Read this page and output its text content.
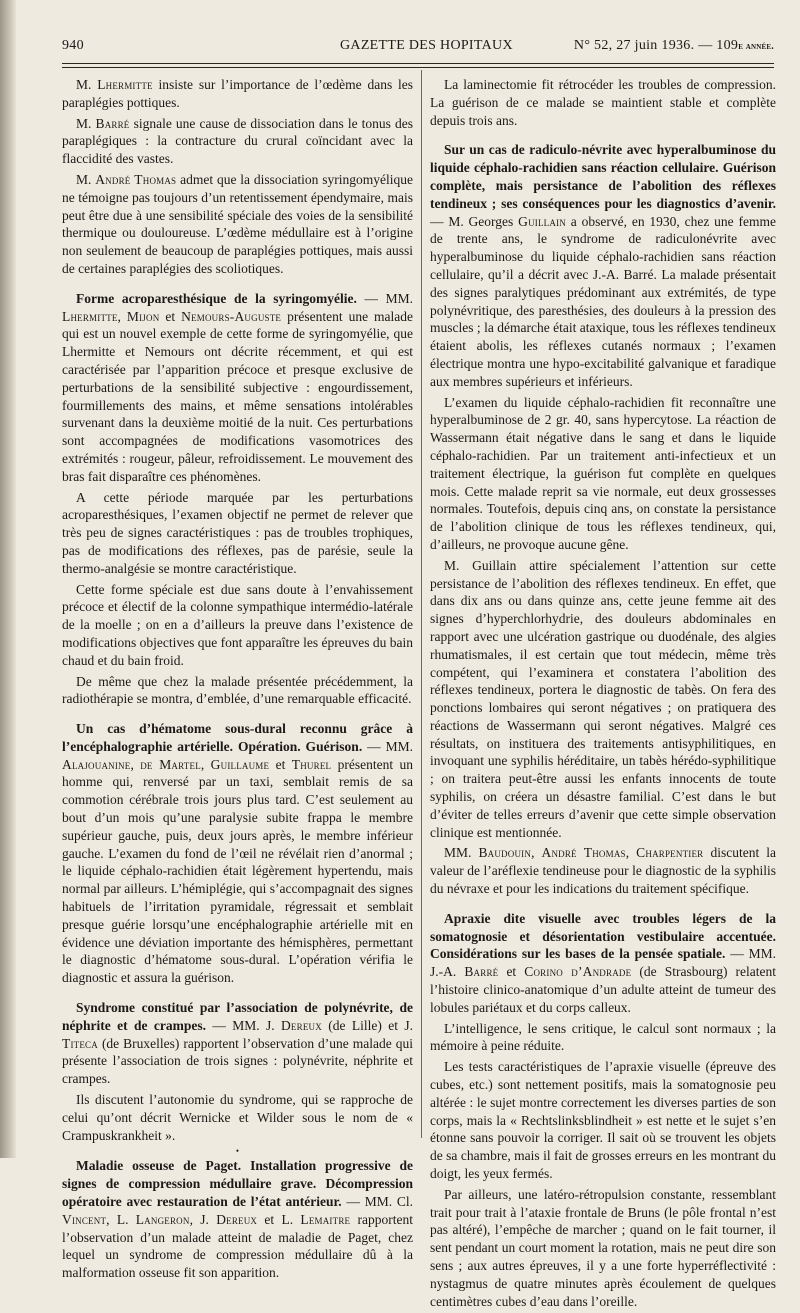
940	GAZETTE DES HOPITAUX	N° 52, 27 juin 1936. — 109e année.

M. Lhermitte insiste sur l’importance de l’œdème dans les paraplégies pottiques.

M. Barré signale une cause de dissociation dans le tonus des paraplégiques : la contracture du crural coïncidant avec la flaccidité des vastes.

M. André Thomas admet que la dissociation syringomyélique ne témoigne pas toujours d’un retentissement épendymaire, mais peut être due à une sensibilité spéciale des voies de la sensibilité thermique ou douloureuse. L’œdème médullaire est à l’origine non seulement de beaucoup de paraplégies pottiques, mais aussi de certaines paraplégies des scoliotiques.

Forme acroparesthésique de la syringomyélie. — MM. Lhermitte, Mijon et Nemours-Auguste présentent une malade qui est un nouvel exemple de cette forme de syringomyélie, que Lhermitte et Nemours ont décrite récemment, et qui est caractérisée par l’apparition précoce et presque exclusive de perturbations de la sensibilité subjective : engourdissement, fourmillements des mains, et même sensations intolérables survenant dans la deuxième moitié de la nuit. Ces perturbations sont accompagnées de modifications vasomotrices des extrémités : rougeur, pâleur, refroidissement. Le mouvement des bras fait disparaître ces phénomènes.

A cette période marquée par les perturbations acroparesthésiques, l’examen objectif ne permet de relever que très peu de signes caractéristiques : pas de troubles trophiques, pas de modifications des réflexes, pas de parésie, seule la thermo-analgésie se montre caractéristique.

Cette forme spéciale est due sans doute à l’envahissement précoce et électif de la colonne sympathique intermédio-latérale de la moelle ; on en a d’ailleurs la preuve dans l’existence de modifications objectives que font apparaître les épreuves du bain chaud et du bain froid.

De même que chez la malade présentée précédemment, la radiothérapie se montra, d’emblée, d’une remarquable efficacité.

Un cas d’hématome sous-dural reconnu grâce à l’encéphalographie artérielle. Opération. Guérison. — MM. Alajouanine, de Martel, Guillaume et Thurel présentent un homme qui, renversé par un taxi, semblait remis de sa commotion cérébrale trois jours plus tard. C’est seulement au bout d’un mois qu’une paralysie subite frappa le membre supérieur gauche, puis, deux jours après, le membre inférieur gauche. L’examen du fond de l’œil ne révélait rien d’anormal ; le liquide céphalo-rachidien était légèrement hypertendu, mais normal par ailleurs. L’hémiplégie, qui s’accompagnait des signes habituels de l’irritation pyramidale, régressait et semblait presque guérie lorsqu’une encéphalographie artérielle mit en évidence une déviation importante des hémisphères, permettant le diagnostic d’hématome sous-dural. L’opération vérifia le diagnostic et assura la guérison.

Syndrome constitué par l’association de polynévrite, de néphrite et de crampes. — MM. J. Dereux (de Lille) et J. Titeca (de Bruxelles) rapportent l’observation d’une malade qui présente l’association de trois signes : polynévrite, néphrite et crampes.

Ils discutent l’autonomie du syndrome, qui se rapproche de celui qu’ont décrit Wernicke et Wilder sous le nom de « Crampuskrankheit ».

•

Maladie osseuse de Paget. Installation progressive de signes de compression médullaire grave. Décompression opératoire avec restauration de l’état antérieur. — MM. Cl. Vincent, L. Langeron, J. Dereux et L. Lemaitre rapportent l’observation d’un malade atteint de maladie de Paget, chez lequel un syndrome de compression médullaire dû à la malformation osseuse fit son apparition.

La laminectomie fit rétrocéder les troubles de compression. La guérison de ce malade se maintient stable et complète depuis trois ans.

Sur un cas de radiculo-névrite avec hyperalbuminose du liquide céphalo-rachidien sans réaction cellulaire. Guérison complète, mais persistance de l’abolition des réflexes tendineux ; ses conséquences pour les diagnostics d’avenir. — M. Georges Guillain a observé, en 1930, chez une femme de trente ans, le syndrome de radiculonévrite avec hyperalbuminose du liquide céphalo-rachidien sans réaction cellulaire, qu’il a décrit avec J.-A. Barré. La malade présentait des signes paralytiques prédominant aux extrémités, de type polynévritique, des paresthésies, des douleurs à la pression des muscles ; la démarche était ataxique, tous les réflexes tendineux étaient abolis, les réflexes cutanés normaux ; l’examen électrique montra une hypo-excitabilité galvanique et faradique aux membres supérieurs et inférieurs.

L’examen du liquide céphalo-rachidien fit reconnaître une hyperalbuminose de 2 gr. 40, sans hypercytose. La réaction de Wassermann était négative dans le sang et dans le liquide céphalo-rachidien. Par un traitement anti-infectieux et un traitement électrique, la guérison fut complète en quelques mois. Cette malade reprit sa vie normale, eut deux grossesses normales. Toutefois, depuis cinq ans, on constate la persistance de l’abolition clinique de tous les réflexes tendineux, qui, d’ailleurs, ne provoque aucune gêne.

M. Guillain attire spécialement l’attention sur cette persistance de l’abolition des réflexes tendineux. En effet, que dans dix ans ou dans quinze ans, cette jeune femme ait des signes d’hyperchlorhydrie, des douleurs abdominales en rapport avec une ulcération gastrique ou duodénale, des algies rhumatismales, il est certain que tout médecin, même très compétent, qui l’examinera et constatera l’abolition des réflexes tendineux, portera le diagnostic de tabès. On fera des ponctions lombaires qui seront négatives ; on pratiquera des réactions de Wassermann qui seront négatives. Malgré ces résultats, on instituera des traitements antisyphilitiques, en invoquant une syphilis héréditaire, un tabès hérédo-syphilitique ; on traitera peut-être aussi les enfants innocents de toute syphilis, on créera un désastre familial. C’est dans le but d’éviter de telles erreurs d’avenir que cette simple observation clinique est mentionnée.

MM. Baudouin, André Thomas, Charpentier discutent la valeur de l’aréflexie tendineuse pour le diagnostic de la syphilis du névraxe et pour les indications du traitement spécifique.

Apraxie dite visuelle avec troubles légers de la somatognosie et désorientation vestibulaire accentuée. Considérations sur les bases de la pensée spatiale. — MM. J.-A. Barré et Corino d’Andrade (de Strasbourg) relatent l’histoire clinico-anatomique d’un adulte atteint de tumeur des lobules pariétaux et du corps calleux.

L’intelligence, le sens critique, le calcul sont normaux ; la mémoire à peine réduite.

Les tests caractéristiques de l’apraxie visuelle (épreuve des cubes, etc.) sont nettement positifs, mais la somatognosie peu altérée : le sujet montre correctement les diverses parties de son corps, mais la « Rechtslinksblindheit » est nette et le sujet s’en étonne sans pouvoir la corriger. Il sait où se trouvent les objets de sa chambre, mais il fait de grosses erreurs en les montrant du doigt, les yeux fermés.

Par ailleurs, une latéro-rétropulsion constante, ressemblant trait pour trait à l’ataxie frontale de Bruns (le pôle frontal n’est pas altéré), l’empêche de marcher ; quand on le fait tourner, il sent pendant un court moment la rotation, mais ne peut dire son sens ; aux autres épreuves, il y a une forte hyperréflectivité : nystagmus de quatre minutes après écoulement de quelques centimètres cubes d’eau dans l’oreille.
